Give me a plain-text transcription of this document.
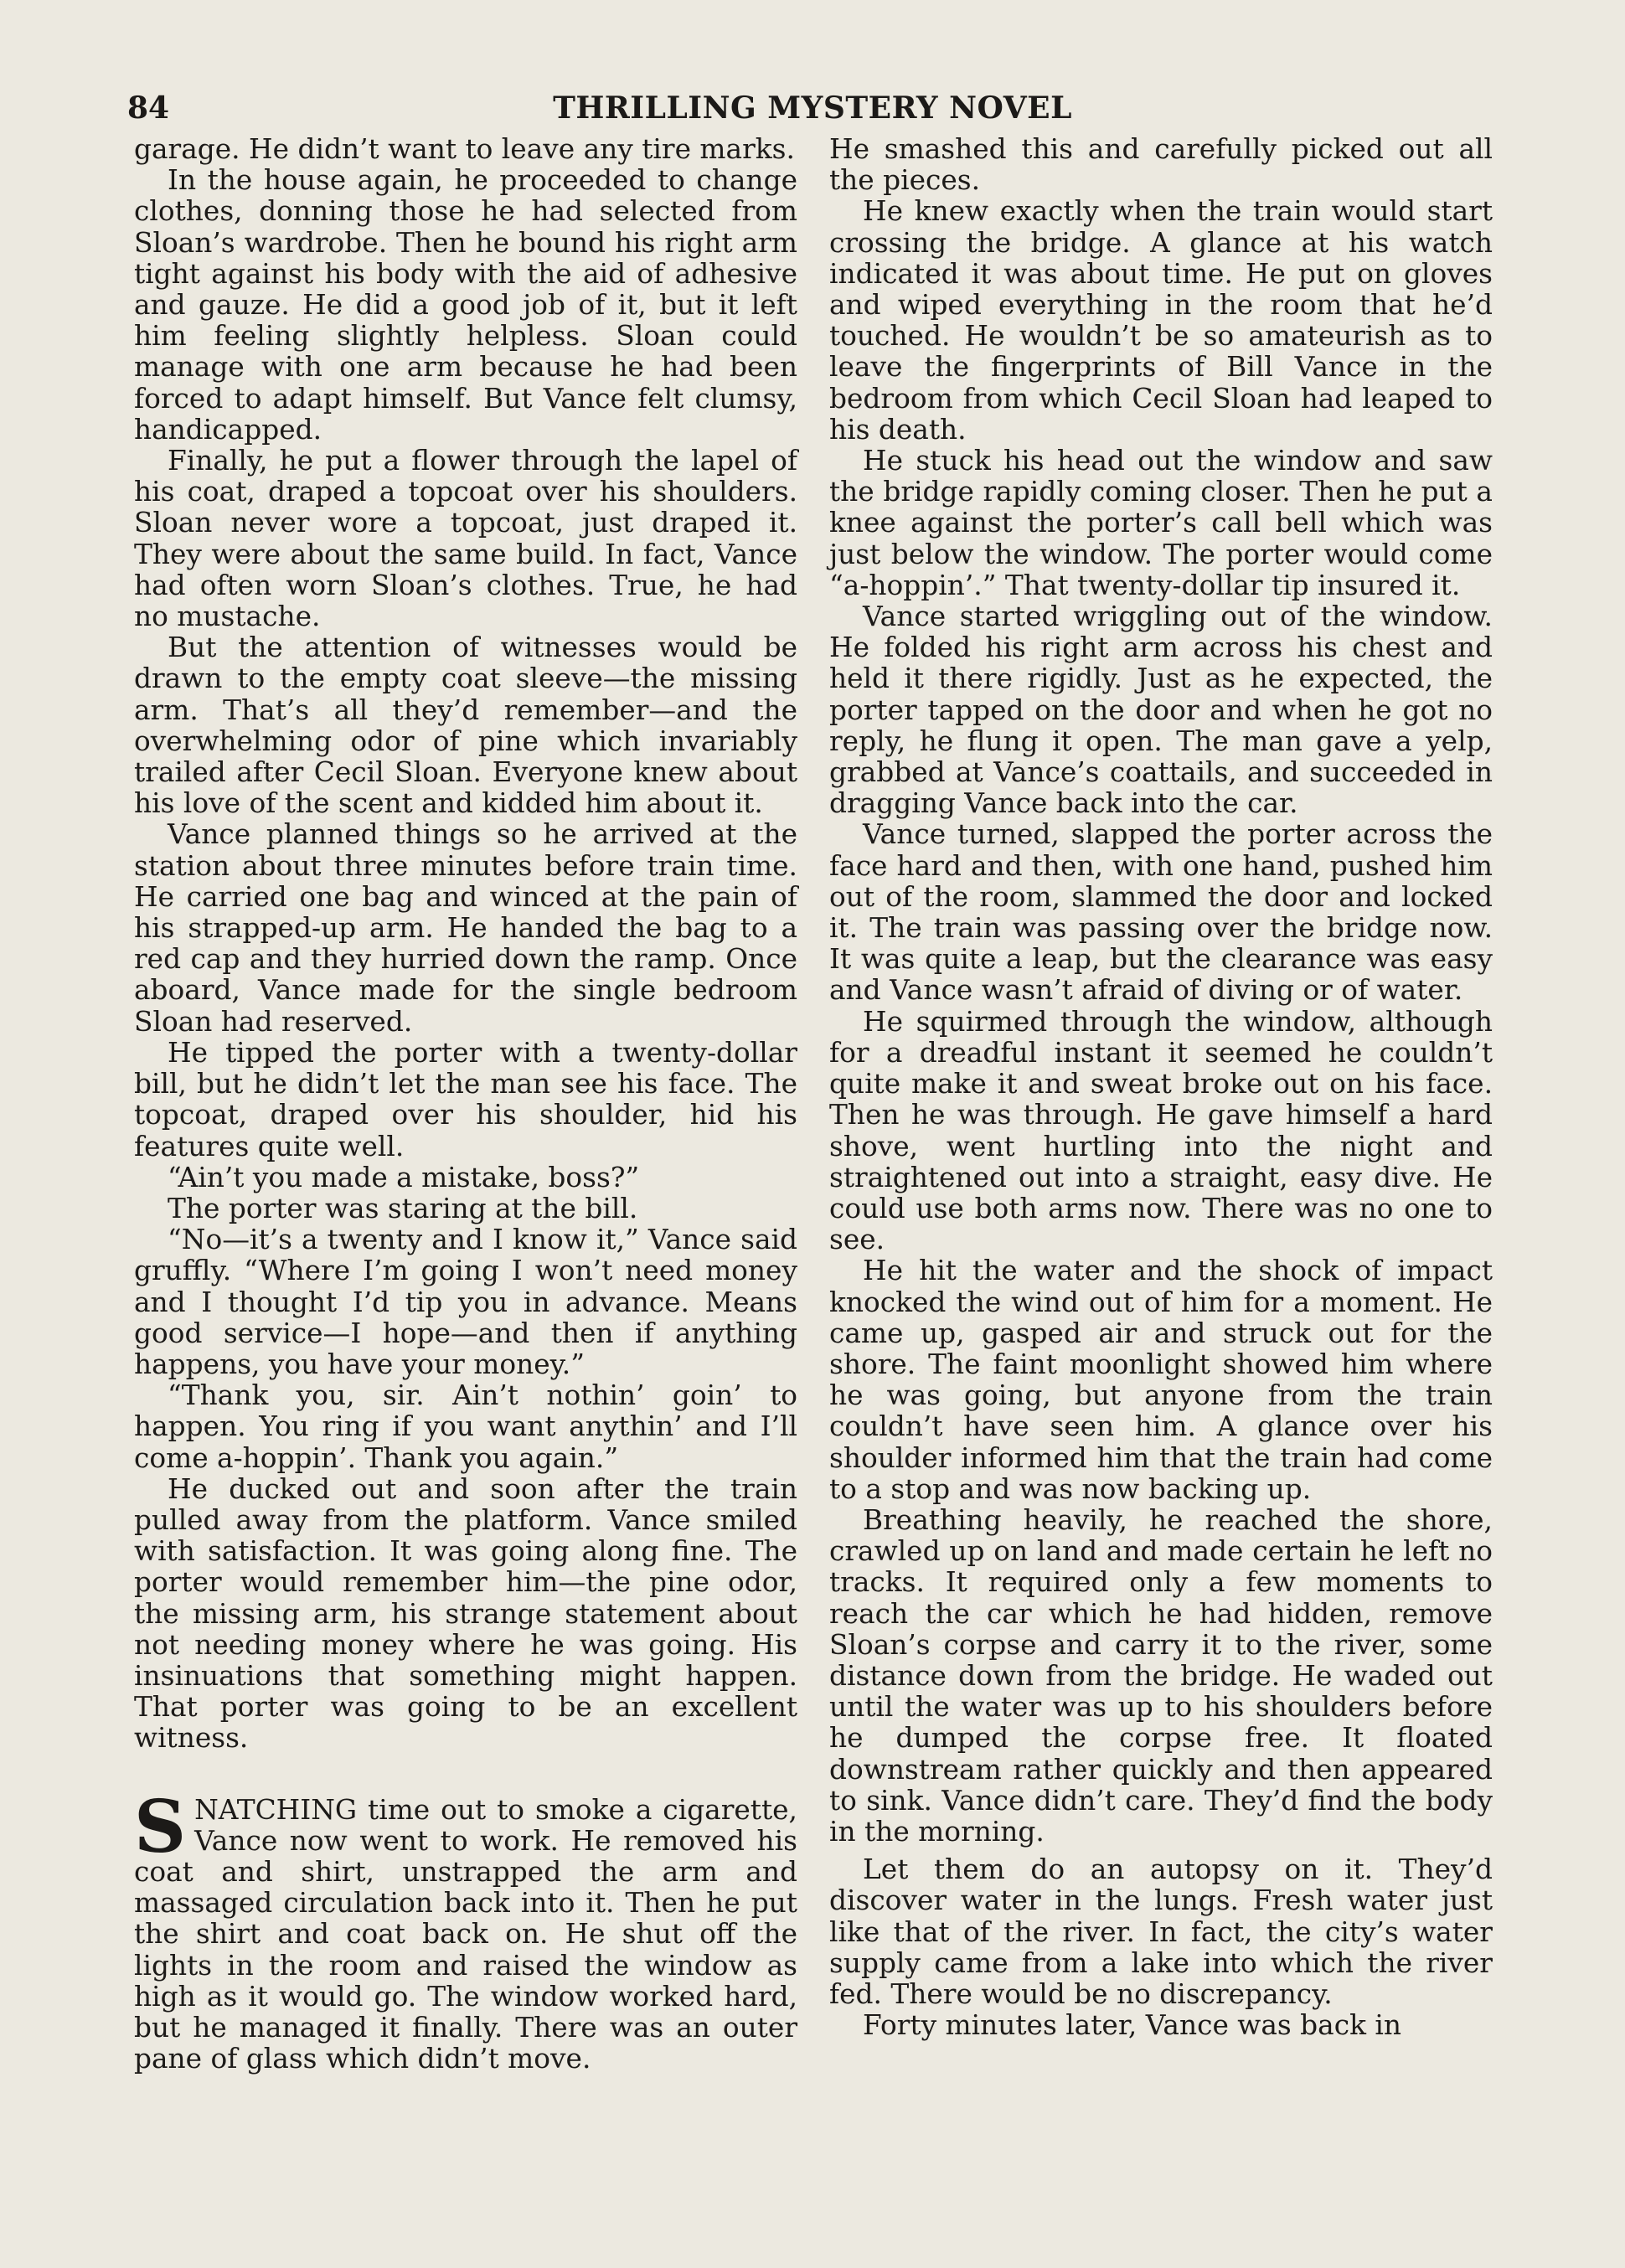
84	THRILLING MYSTERY NOVEL

garage. He didn’t want to leave any tire marks.

In the house again, he proceeded to change clothes, donning those he had selected from Sloan’s wardrobe. Then he bound his right arm tight against his body with the aid of adhesive and gauze. He did a good job of it, but it left him feeling slightly helpless. Sloan could manage with one arm because he had been forced to adapt himself. But Vance felt clumsy, handicapped.

Finally, he put a flower through the lapel of his coat, draped a topcoat over his shoulders. Sloan never wore a topcoat, just draped it. They were about the same build. In fact, Vance had often worn Sloan’s clothes. True, he had no mustache.

But the attention of witnesses would be drawn to the empty coat sleeve—the missing arm. That’s all they’d remember—and the overwhelming odor of pine which invariably trailed after Cecil Sloan. Everyone knew about his love of the scent and kidded him about it.

Vance planned things so he arrived at the station about three minutes before train time. He carried one bag and winced at the pain of his strapped-up arm. He handed the bag to a red cap and they hurried down the ramp. Once aboard, Vance made for the single bedroom Sloan had reserved.

He tipped the porter with a twenty-dollar bill, but he didn’t let the man see his face. The topcoat, draped over his shoulder, hid his features quite well.

“Ain’t you made a mistake, boss?”

The porter was staring at the bill.

“No—it’s a twenty and I know it,” Vance said gruffly. “Where I’m going I won’t need money and I thought I’d tip you in advance. Means good service—I hope—and then if anything happens, you have your money.”

“Thank you, sir. Ain’t nothin’ goin’ to happen. You ring if you want anythin’ and I’ll come a-hoppin’. Thank you again.”

He ducked out and soon after the train pulled away from the platform. Vance smiled with satisfaction. It was going along fine. The porter would remember him—the pine odor, the missing arm, his strange statement about not needing money where he was going. His insinuations that something might happen. That porter was going to be an excellent witness.

SNATCHING time out to smoke a cigarette, Vance now went to work. He removed his coat and shirt, unstrapped the arm and massaged circulation back into it. Then he put the shirt and coat back on. He shut off the lights in the room and raised the window as high as it would go. The window worked hard, but he managed it finally. There was an outer pane of glass which didn’t move.

He smashed this and carefully picked out all the pieces.

He knew exactly when the train would start crossing the bridge. A glance at his watch indicated it was about time. He put on gloves and wiped everything in the room that he’d touched. He wouldn’t be so amateurish as to leave the fingerprints of Bill Vance in the bedroom from which Cecil Sloan had leaped to his death.

He stuck his head out the window and saw the bridge rapidly coming closer. Then he put a knee against the porter’s call bell which was just below the window. The porter would come “a-hoppin’.” That twenty-dollar tip insured it.

Vance started wriggling out of the window. He folded his right arm across his chest and held it there rigidly. Just as he expected, the porter tapped on the door and when he got no reply, he flung it open. The man gave a yelp, grabbed at Vance’s coattails, and succeeded in dragging Vance back into the car.

Vance turned, slapped the porter across the face hard and then, with one hand, pushed him out of the room, slammed the door and locked it. The train was passing over the bridge now. It was quite a leap, but the clearance was easy and Vance wasn’t afraid of diving or of water.

He squirmed through the window, although for a dreadful instant it seemed he couldn’t quite make it and sweat broke out on his face. Then he was through. He gave himself a hard shove, went hurtling into the night and straightened out into a straight, easy dive. He could use both arms now. There was no one to see.

He hit the water and the shock of impact knocked the wind out of him for a moment. He came up, gasped air and struck out for the shore. The faint moonlight showed him where he was going, but anyone from the train couldn’t have seen him. A glance over his shoulder informed him that the train had come to a stop and was now backing up.

Breathing heavily, he reached the shore, crawled up on land and made certain he left no tracks. It required only a few moments to reach the car which he had hidden, remove Sloan’s corpse and carry it to the river, some distance down from the bridge. He waded out until the water was up to his shoulders before he dumped the corpse free. It floated downstream rather quickly and then appeared to sink. Vance didn’t care. They’d find the body in the morning.

Let them do an autopsy on it. They’d discover water in the lungs. Fresh water just like that of the river. In fact, the city’s water supply came from a lake into which the river fed. There would be no discrepancy.

Forty minutes later, Vance was back in
